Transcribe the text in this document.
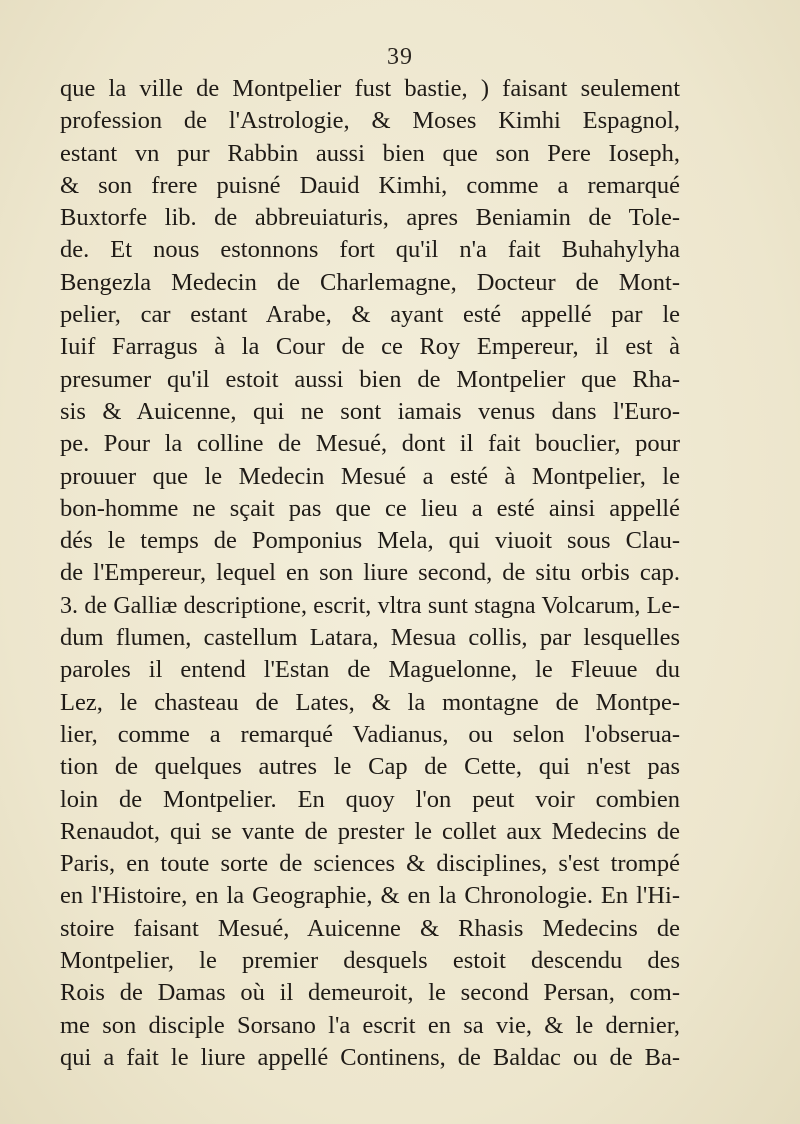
39
que la ville de Montpelier fust bastie, ) faisant seulement
profession de l'Astrologie, & Moses Kimhi Espagnol,
estant vn pur Rabbin aussi bien que son Pere Ioseph,
& son frere puisné Dauid Kimhi, comme a remarqué
Buxtorfe lib. de abbreuiaturis, apres Beniamin de Tole-
de. Et nous estonnons fort qu'il n'a fait Buhahylyha
Bengezla Medecin de Charlemagne, Docteur de Mont-
pelier, car estant Arabe, & ayant esté appellé par le
Iuif Farragus à la Cour de ce Roy Empereur, il est à
presumer qu'il estoit aussi bien de Montpelier que Rha-
sis & Auicenne, qui ne sont iamais venus dans l'Euro-
pe. Pour la colline de Mesué, dont il fait bouclier, pour
prouuer que le Medecin Mesué a esté à Montpelier, le
bon-homme ne sçait pas que ce lieu a esté ainsi appellé
dés le temps de Pomponius Mela, qui viuoit sous Clau-
de l'Empereur, lequel en son liure second, de situ orbis cap.
3. de Galliæ descriptione, escrit, vltra sunt stagna Volcarum, Le-
dum flumen, castellum Latara, Mesua collis, par lesquelles
paroles il entend l'Estan de Maguelonne, le Fleuue du
Lez, le chasteau de Lates, & la montagne de Montpe-
lier, comme a remarqué Vadianus, ou selon l'obserua-
tion de quelques autres le Cap de Cette, qui n'est pas
loin de Montpelier. En quoy l'on peut voir combien
Renaudot, qui se vante de prester le collet aux Medecins de
Paris, en toute sorte de sciences & disciplines, s'est trompé
en l'Histoire, en la Geographie, & en la Chronologie. En l'Hi-
stoire faisant Mesué, Auicenne & Rhasis Medecins de
Montpelier, le premier desquels estoit descendu des
Rois de Damas où il demeuroit, le second Persan, com-
me son disciple Sorsano l'a escrit en sa vie, & le dernier,
qui a fait le liure appellé Continens, de Baldac ou de Ba-
